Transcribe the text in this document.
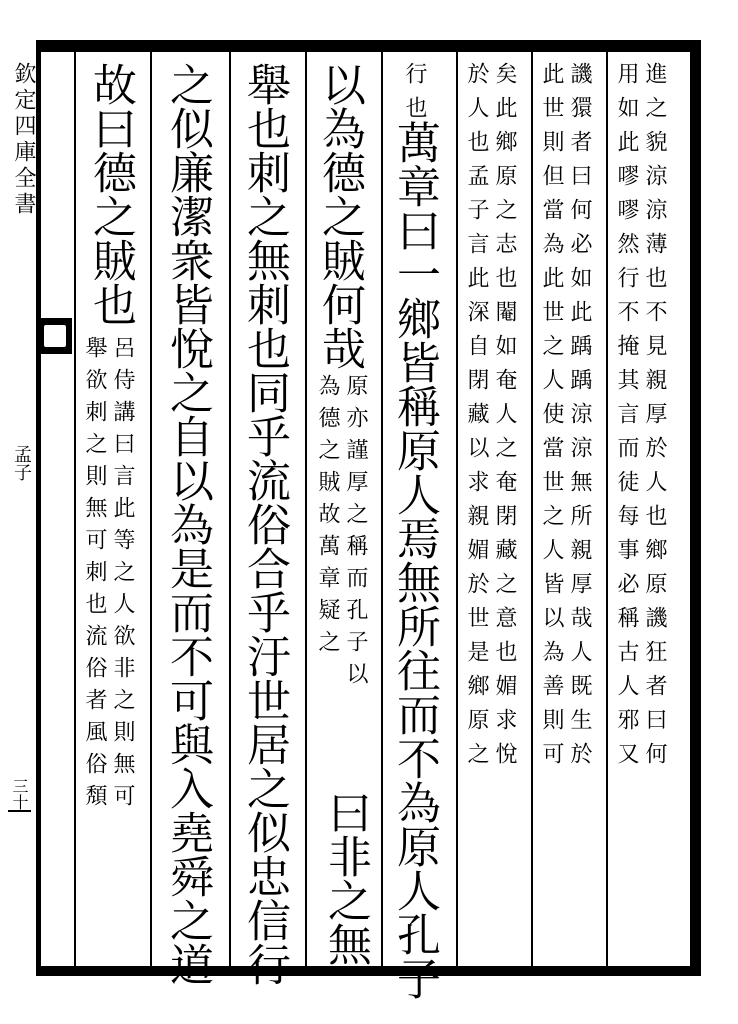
欽定四庫全書
孟子
三十
進之貌涼涼薄也不見親厚於人也鄉原譏狂者曰何
用如此嘐嘐然行不掩其言而徒每事必稱古人邪又
譏獧者曰何必如此踽踽涼涼無所親厚哉人既生於
此世則但當為此世之人使當世之人皆以為善則可
矣此鄉原之志也閹如奄人之奄閉藏之意也媚求悅
於人也孟子言此深自閉藏以求親媚於世是鄉原之
行也
萬章曰一鄉皆稱原人焉無所往而不為原人孔子
以為德之賊何哉
原亦謹厚之稱而孔子以
為德之賊故萬章疑之
曰非之無
舉也刺之無刺也同乎流俗合乎汙世居之似忠信行
之似廉潔衆皆悅之自以為是而不可與入堯舜之道
故曰德之賊也
呂侍講曰言此等之人欲非之則無可
舉欲刺之則無可刺也流俗者風俗頽
